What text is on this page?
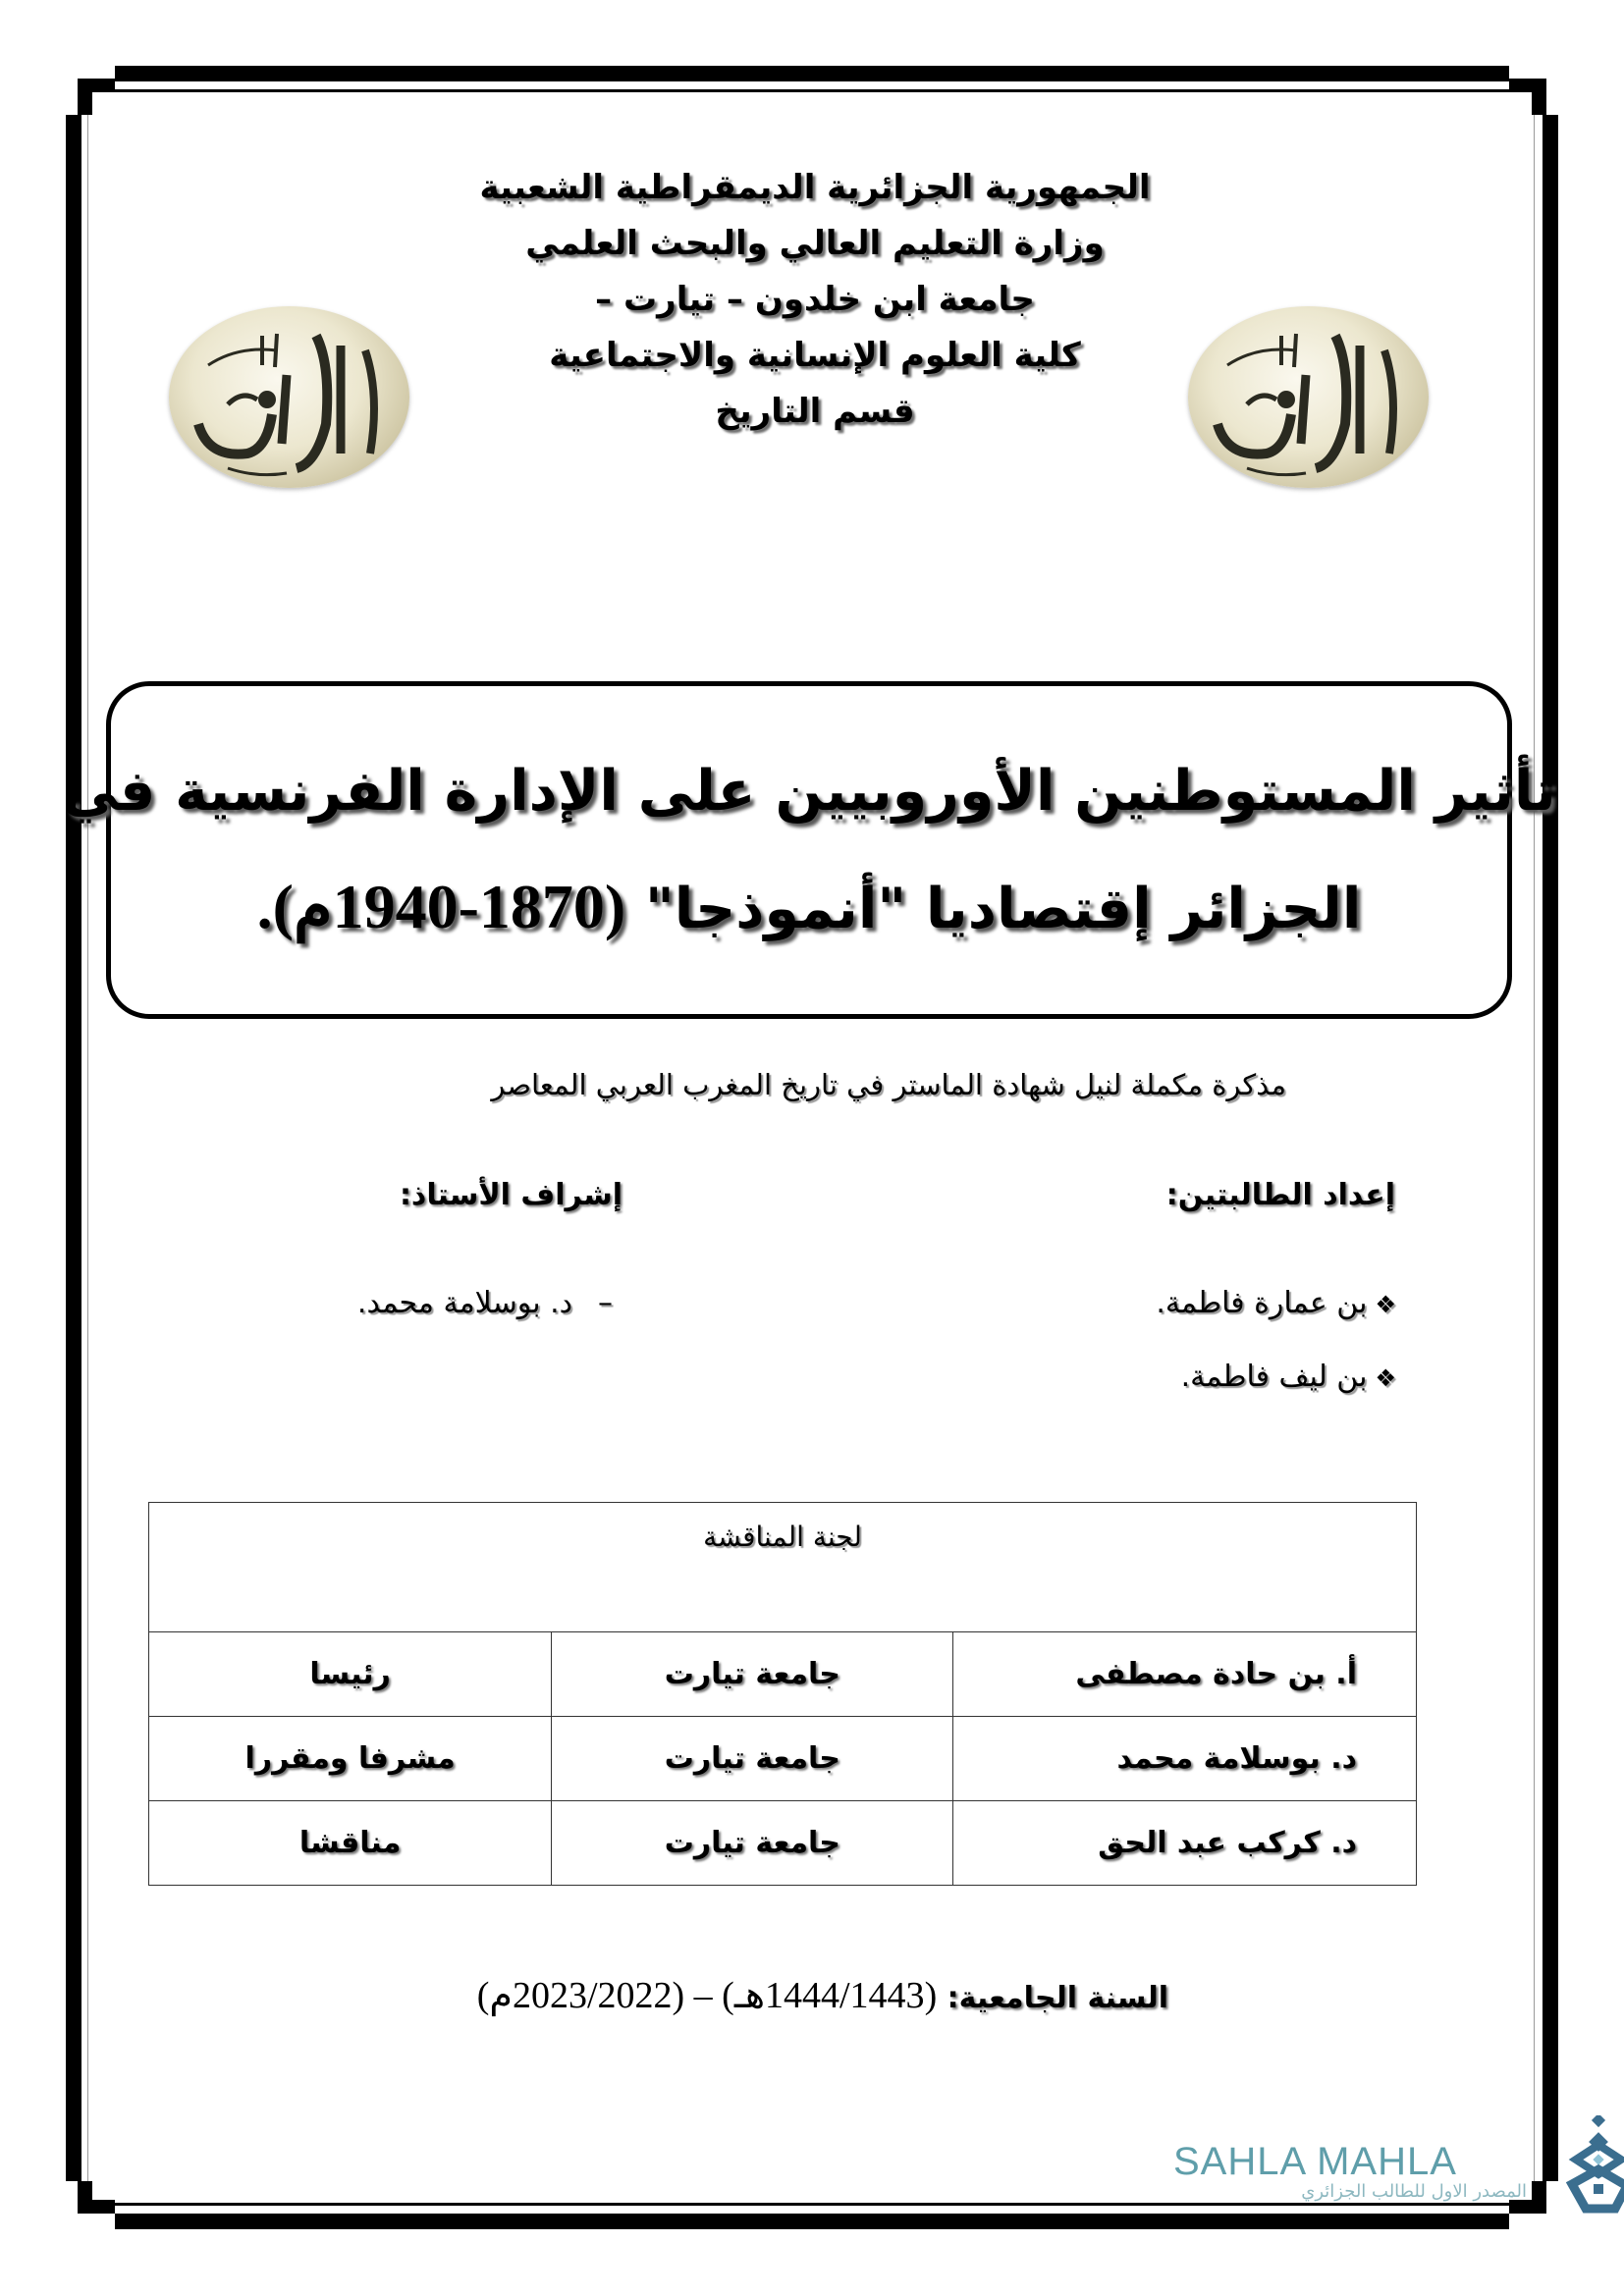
الجمهورية الجزائرية الديمقراطية الشعبية
وزارة التعليم العالي والبحث العلمي
جامعة ابن خلدون – تيارت –
كلية العلوم الإنسانية والاجتماعية
قسم التاريخ
تأثير المستوطنين الأوروبيين على الإدارة الفرنسية في
الجزائر إقتصاديا "أنموذجا" (1870-1940م).
مذكرة مكملة لنيل شهادة الماستر في تاريخ المغرب العربي المعاصر
إعداد الطالبتين:
إشراف الأستاذ:
❖بن عمارة فاطمة.
❖بن ليف فاطمة.
–د. بوسلامة محمد.
لجنة المناقشة		
أ. بن حادة مصطفى	جامعة تيارت	رئيسا
د. بوسلامة محمد	جامعة تيارت	مشرفا ومقررا
د. كركب عبد الحق	جامعة تيارت	مناقشا
السنة الجامعية: (1444/1443هـ) – (2023/2022م)
SAHLA MAHLA
المصدر الاول للطالب الجزائري
